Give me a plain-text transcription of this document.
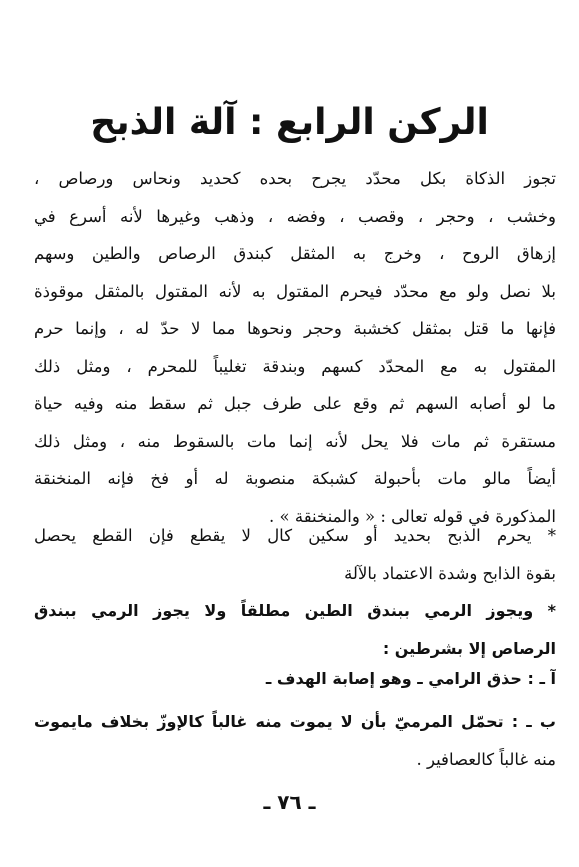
الركن الرابع : آلة الذبح
تجوز الذكاة بكل محدّد يجرح بحده كحديد ونحاس ورصاص ،
وخشب ، وحجر ، وقصب ، وفضه ، وذهب وغيرها لأنه أسرع في
إزهاق الروح ، وخرج به المثقل كبندق الرصاص والطين وسهم
بلا نصل ولو مع محدّد فيحرم المقتول به لأنه المقتول بالمثقل موقوذة
فإنها ما قتل بمثقل كخشبة وحجر ونحوها مما لا حدّ له ، وإنما حرم
المقتول به مع المحدّد كسهم وبندقة تغليباً للمحرم ، ومثل ذلك
ما لو أصابه السهم ثم وقع على طرف جبل ثم سقط منه وفيه حياة
مستقرة ثم مات فلا يحل لأنه إنما مات بالسقوط منه ، ومثل ذلك
أيضاً مالو مات بأحبولة كشبكة منصوبة له أو فخ فإنه المنخنقة
المذكورة في قوله تعالى : « والمنخنقة » .
* يحرم الذبح بحديد أو سكين كال لا يقطع فإن القطع يحصل
بقوة الذابح وشدة الاعتماد بالآلة
* ويجوز الرمي ببندق الطين مطلقاً ولا يجوز الرمي ببندق
الرصاص إلا بشرطين :
آ ـ : حذق الرامي ـ وهو إصابة الهدف ـ
ب ـ : تحمّل المرميّ بأن لا يموت منه غالباً كالإوزّ بخلاف مايموت
منه غالباً كالعصافير .
ـ ٧٦ ـ
